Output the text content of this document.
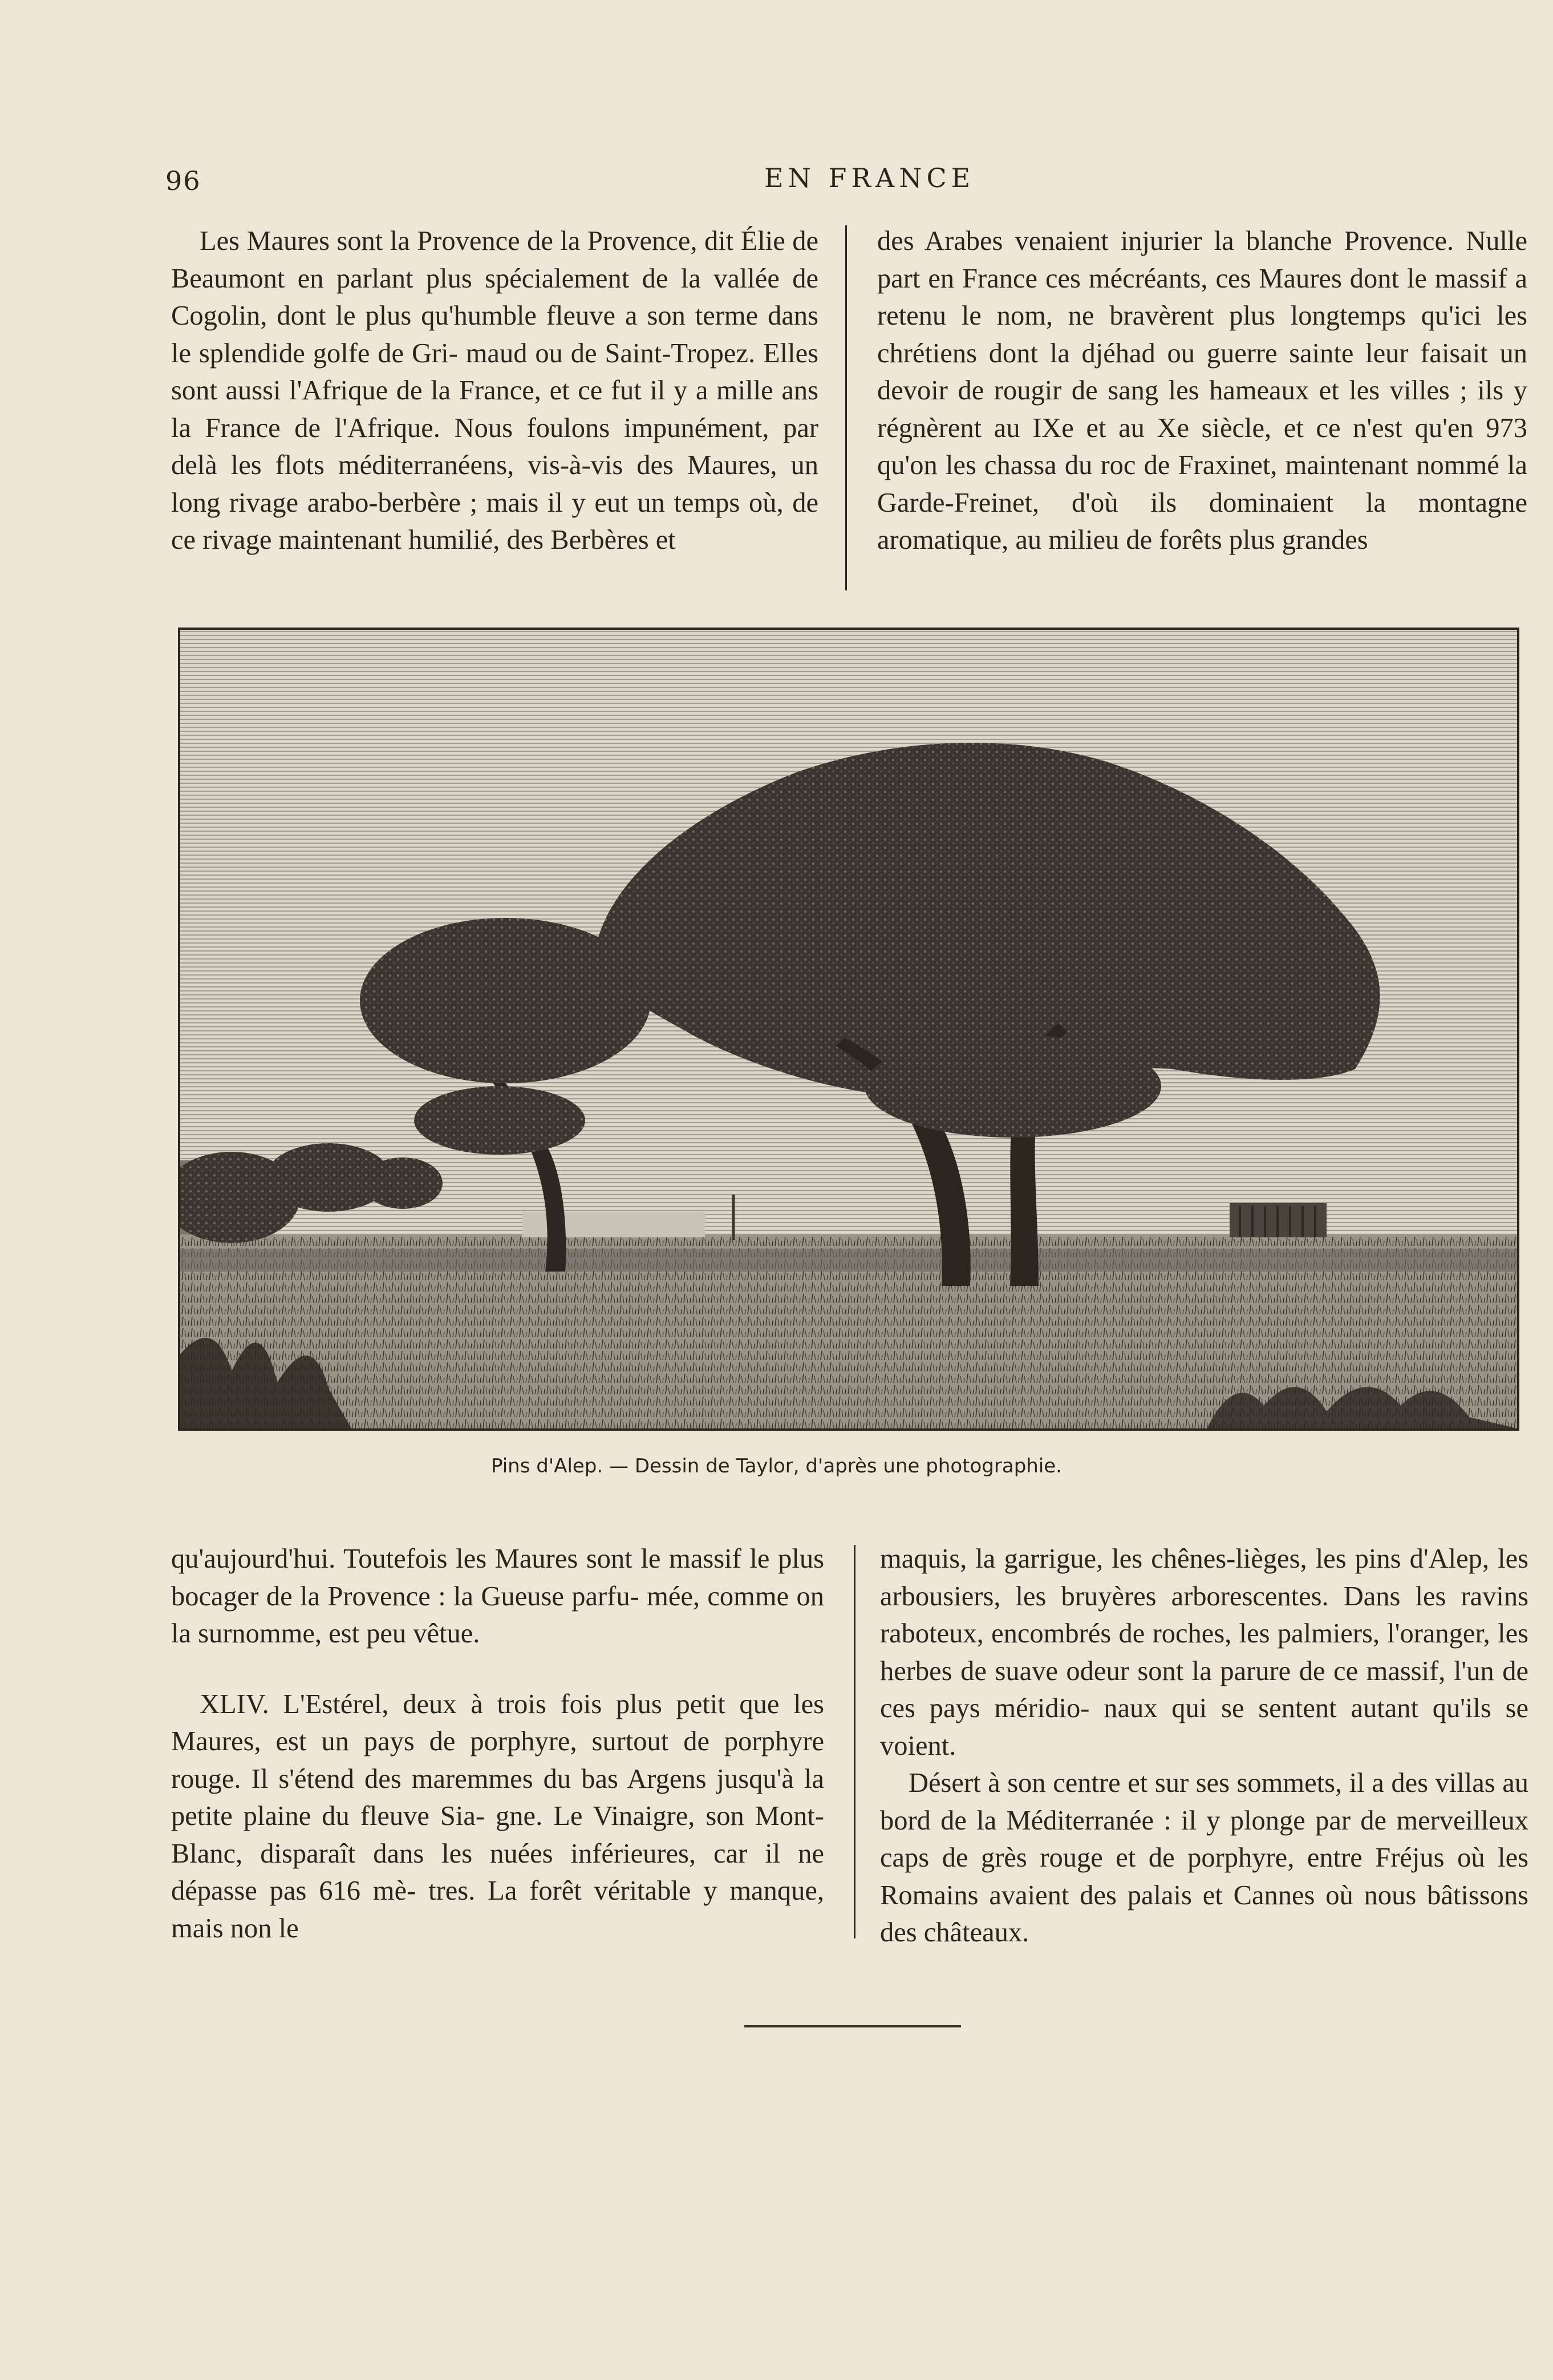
96	EN FRANCE

Les Maures sont la Provence de la Provence, dit Élie de Beaumont en parlant plus spécialement de la vallée de Cogolin, dont le plus qu'humble fleuve a son terme dans le splendide golfe de Gri- maud ou de Saint-Tropez. Elles sont aussi l'Afrique de la France, et ce fut il y a mille ans la France de l'Afrique. Nous foulons impunément, par delà les flots méditerranéens, vis-à-vis des Maures, un long rivage arabo-berbère ; mais il y eut un temps où, de ce rivage maintenant humilié, des Berbères et

des Arabes venaient injurier la blanche Provence. Nulle part en France ces mécréants, ces Maures dont le massif a retenu le nom, ne bravèrent plus longtemps qu'ici les chrétiens dont la djéhad ou guerre sainte leur faisait un devoir de rougir de sang les hameaux et les villes ; ils y régnèrent au IXe et au Xe siècle, et ce n'est qu'en 973 qu'on les chassa du roc de Fraxinet, maintenant nommé la Garde-Freinet, d'où ils dominaient la montagne aromatique, au milieu de forêts plus grandes

Pins d'Alep. — Dessin de Taylor, d'après une photographie.

qu'aujourd'hui. Toutefois les Maures sont le massif le plus bocager de la Provence : la Gueuse parfu- mée, comme on la surnomme, est peu vêtue.

XLIV. L'Estérel, deux à trois fois plus petit que les Maures, est un pays de porphyre, surtout de porphyre rouge. Il s'étend des maremmes du bas Argens jusqu'à la petite plaine du fleuve Sia- gne. Le Vinaigre, son Mont-Blanc, disparaît dans les nuées inférieures, car il ne dépasse pas 616 mè- tres. La forêt véritable y manque, mais non le

maquis, la garrigue, les chênes-lièges, les pins d'Alep, les arbousiers, les bruyères arborescentes. Dans les ravins raboteux, encombrés de roches, les palmiers, l'oranger, les herbes de suave odeur sont la parure de ce massif, l'un de ces pays méridio- naux qui se sentent autant qu'ils se voient.

Désert à son centre et sur ses sommets, il a des villas au bord de la Méditerranée : il y plonge par de merveilleux caps de grès rouge et de porphyre, entre Fréjus où les Romains avaient des palais et Cannes où nous bâtissons des châteaux.
